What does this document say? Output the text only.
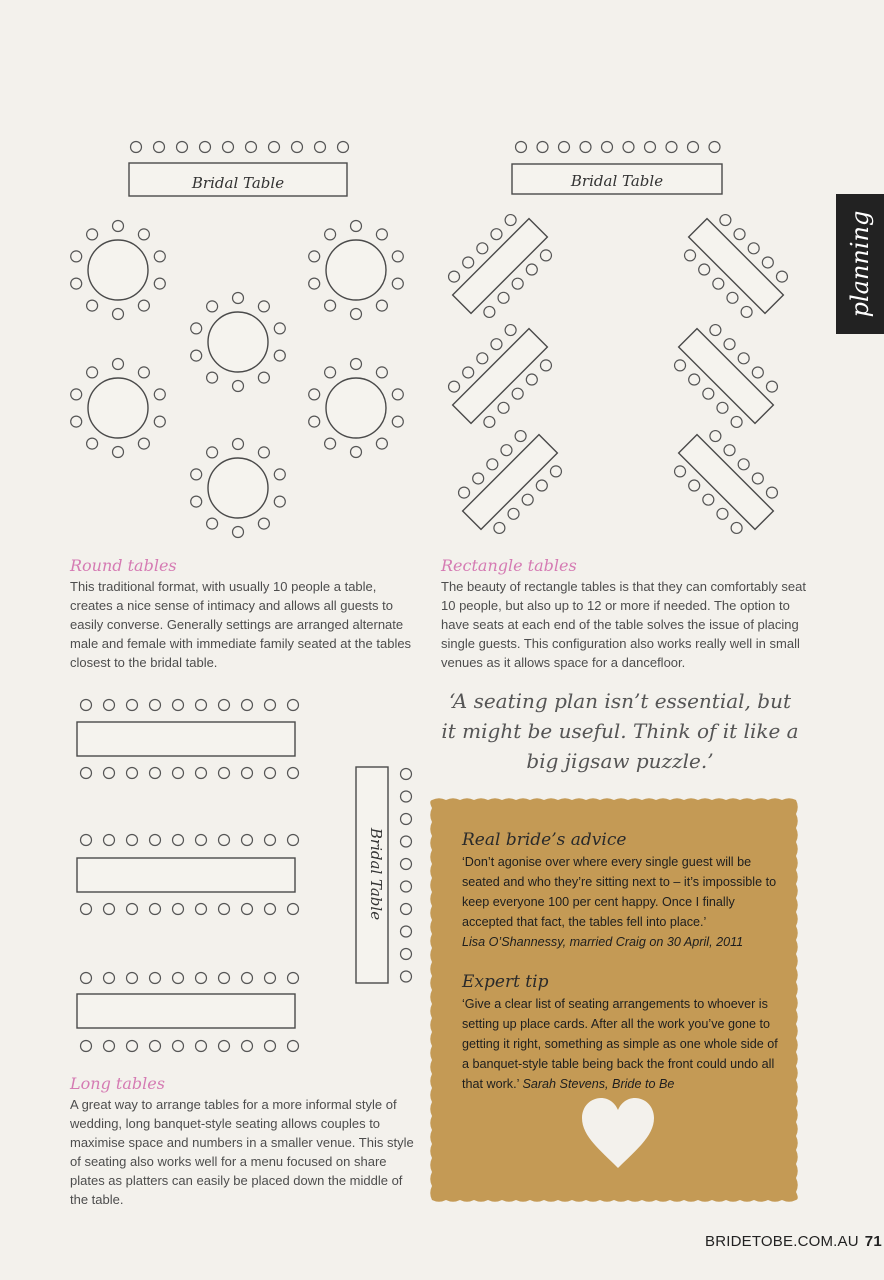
Bridal Table	Bridal Table
Bridal Table
planning
Round tables
This traditional format, with usually 10 people a table, creates a nice sense of intimacy and allows all guests to easily converse. Generally settings are arranged alternate male and female with immediate family seated at the tables closest to the bridal table.
Rectangle tables
The beauty of rectangle tables is that they can comfortably seat 10 people, but also up to 12 or more if needed. The option to have seats at each end of the table solves the issue of placing single guests. This configuration also works really well in small venues as it allows space for a dancefloor.
Long tables
A great way to arrange tables for a more informal style of wedding, long banquet-style seating allows couples to maximise space and numbers in a smaller venue. This style of seating also works well for a menu focused on share plates as platters can easily be placed down the middle of the table.
‘A seating plan isn’t essential, but it might be useful. Think of it like a big jigsaw puzzle.’
Real bride’s advice

‘Don’t agonise over where every single guest will be seated and who they’re sitting next to – it’s impossible to keep everyone 100 per cent happy. Once I finally accepted that fact, the tables fell into place.’
Lisa O’Shannessy, married Craig on 30 April, 2011

Expert tip

‘Give a clear list of seating arrangements to whoever is setting up place cards. After all the work you’ve gone to getting it right, something as simple as one whole side of a banquet-style table being back the front could undo all that work.’ Sarah Stevens, Bride to Be

BRIDETOBE.COM.AU 71
